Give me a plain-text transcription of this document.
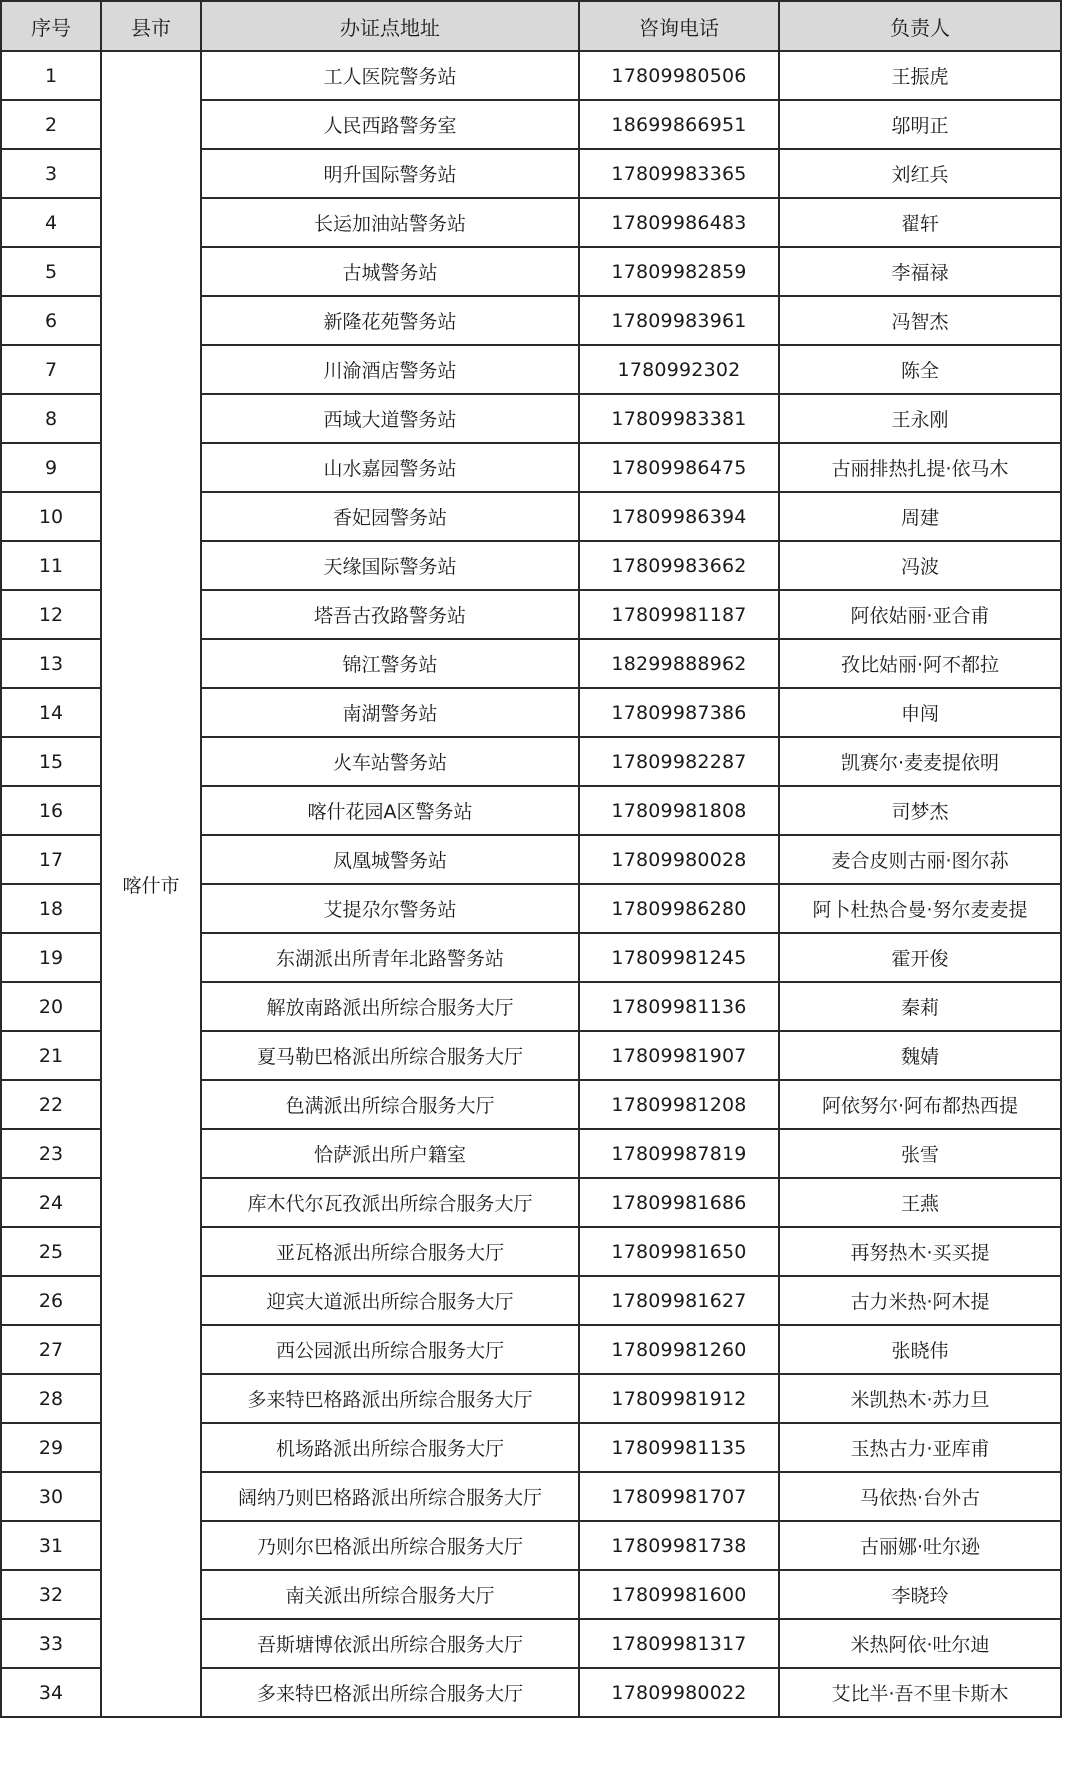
序号	县市	办证点地址	咨询电话	负责人
1	喀什市	工人医院警务站	17809980506	王振虎
2		人民西路警务室	18699866951	邬明正
3		明升国际警务站	17809983365	刘红兵
4		长运加油站警务站	17809986483	翟轩
5		古城警务站	17809982859	李福禄
6		新隆花苑警务站	17809983961	冯智杰
7		川渝酒店警务站	1780992302	陈全
8		西域大道警务站	17809983381	王永刚
9		山水嘉园警务站	17809986475	古丽排热扎提·依马木
10		香妃园警务站	17809986394	周建
11		天缘国际警务站	17809983662	冯波
12		塔吾古孜路警务站	17809981187	阿依姑丽·亚合甫
13		锦江警务站	18299888962	孜比姑丽·阿不都拉
14		南湖警务站	17809987386	申闯
15		火车站警务站	17809982287	凯赛尔·麦麦提依明
16		喀什花园A区警务站	17809981808	司梦杰
17		凤凰城警务站	17809980028	麦合皮则古丽·图尔荪
18		艾提尕尔警务站	17809986280	阿卜杜热合曼·努尔麦麦提
19		东湖派出所青年北路警务站	17809981245	霍开俊
20		解放南路派出所综合服务大厅	17809981136	秦莉
21		夏马勒巴格派出所综合服务大厅	17809981907	魏婧
22		色满派出所综合服务大厅	17809981208	阿依努尔·阿布都热西提
23		恰萨派出所户籍室	17809987819	张雪
24		库木代尔瓦孜派出所综合服务大厅	17809981686	王燕
25		亚瓦格派出所综合服务大厅	17809981650	再努热木·买买提
26		迎宾大道派出所综合服务大厅	17809981627	古力米热·阿木提
27		西公园派出所综合服务大厅	17809981260	张晓伟
28		多来特巴格路派出所综合服务大厅	17809981912	米凯热木·苏力旦
29		机场路派出所综合服务大厅	17809981135	玉热古力·亚库甫
30		阔纳乃则巴格路派出所综合服务大厅	17809981707	马依热·台外古
31		乃则尔巴格派出所综合服务大厅	17809981738	古丽娜·吐尔逊
32		南关派出所综合服务大厅	17809981600	李晓玲
33		吾斯塘博依派出所综合服务大厅	17809981317	米热阿依·吐尔迪
34		多来特巴格派出所综合服务大厅	17809980022	艾比半·吾不里卡斯木
